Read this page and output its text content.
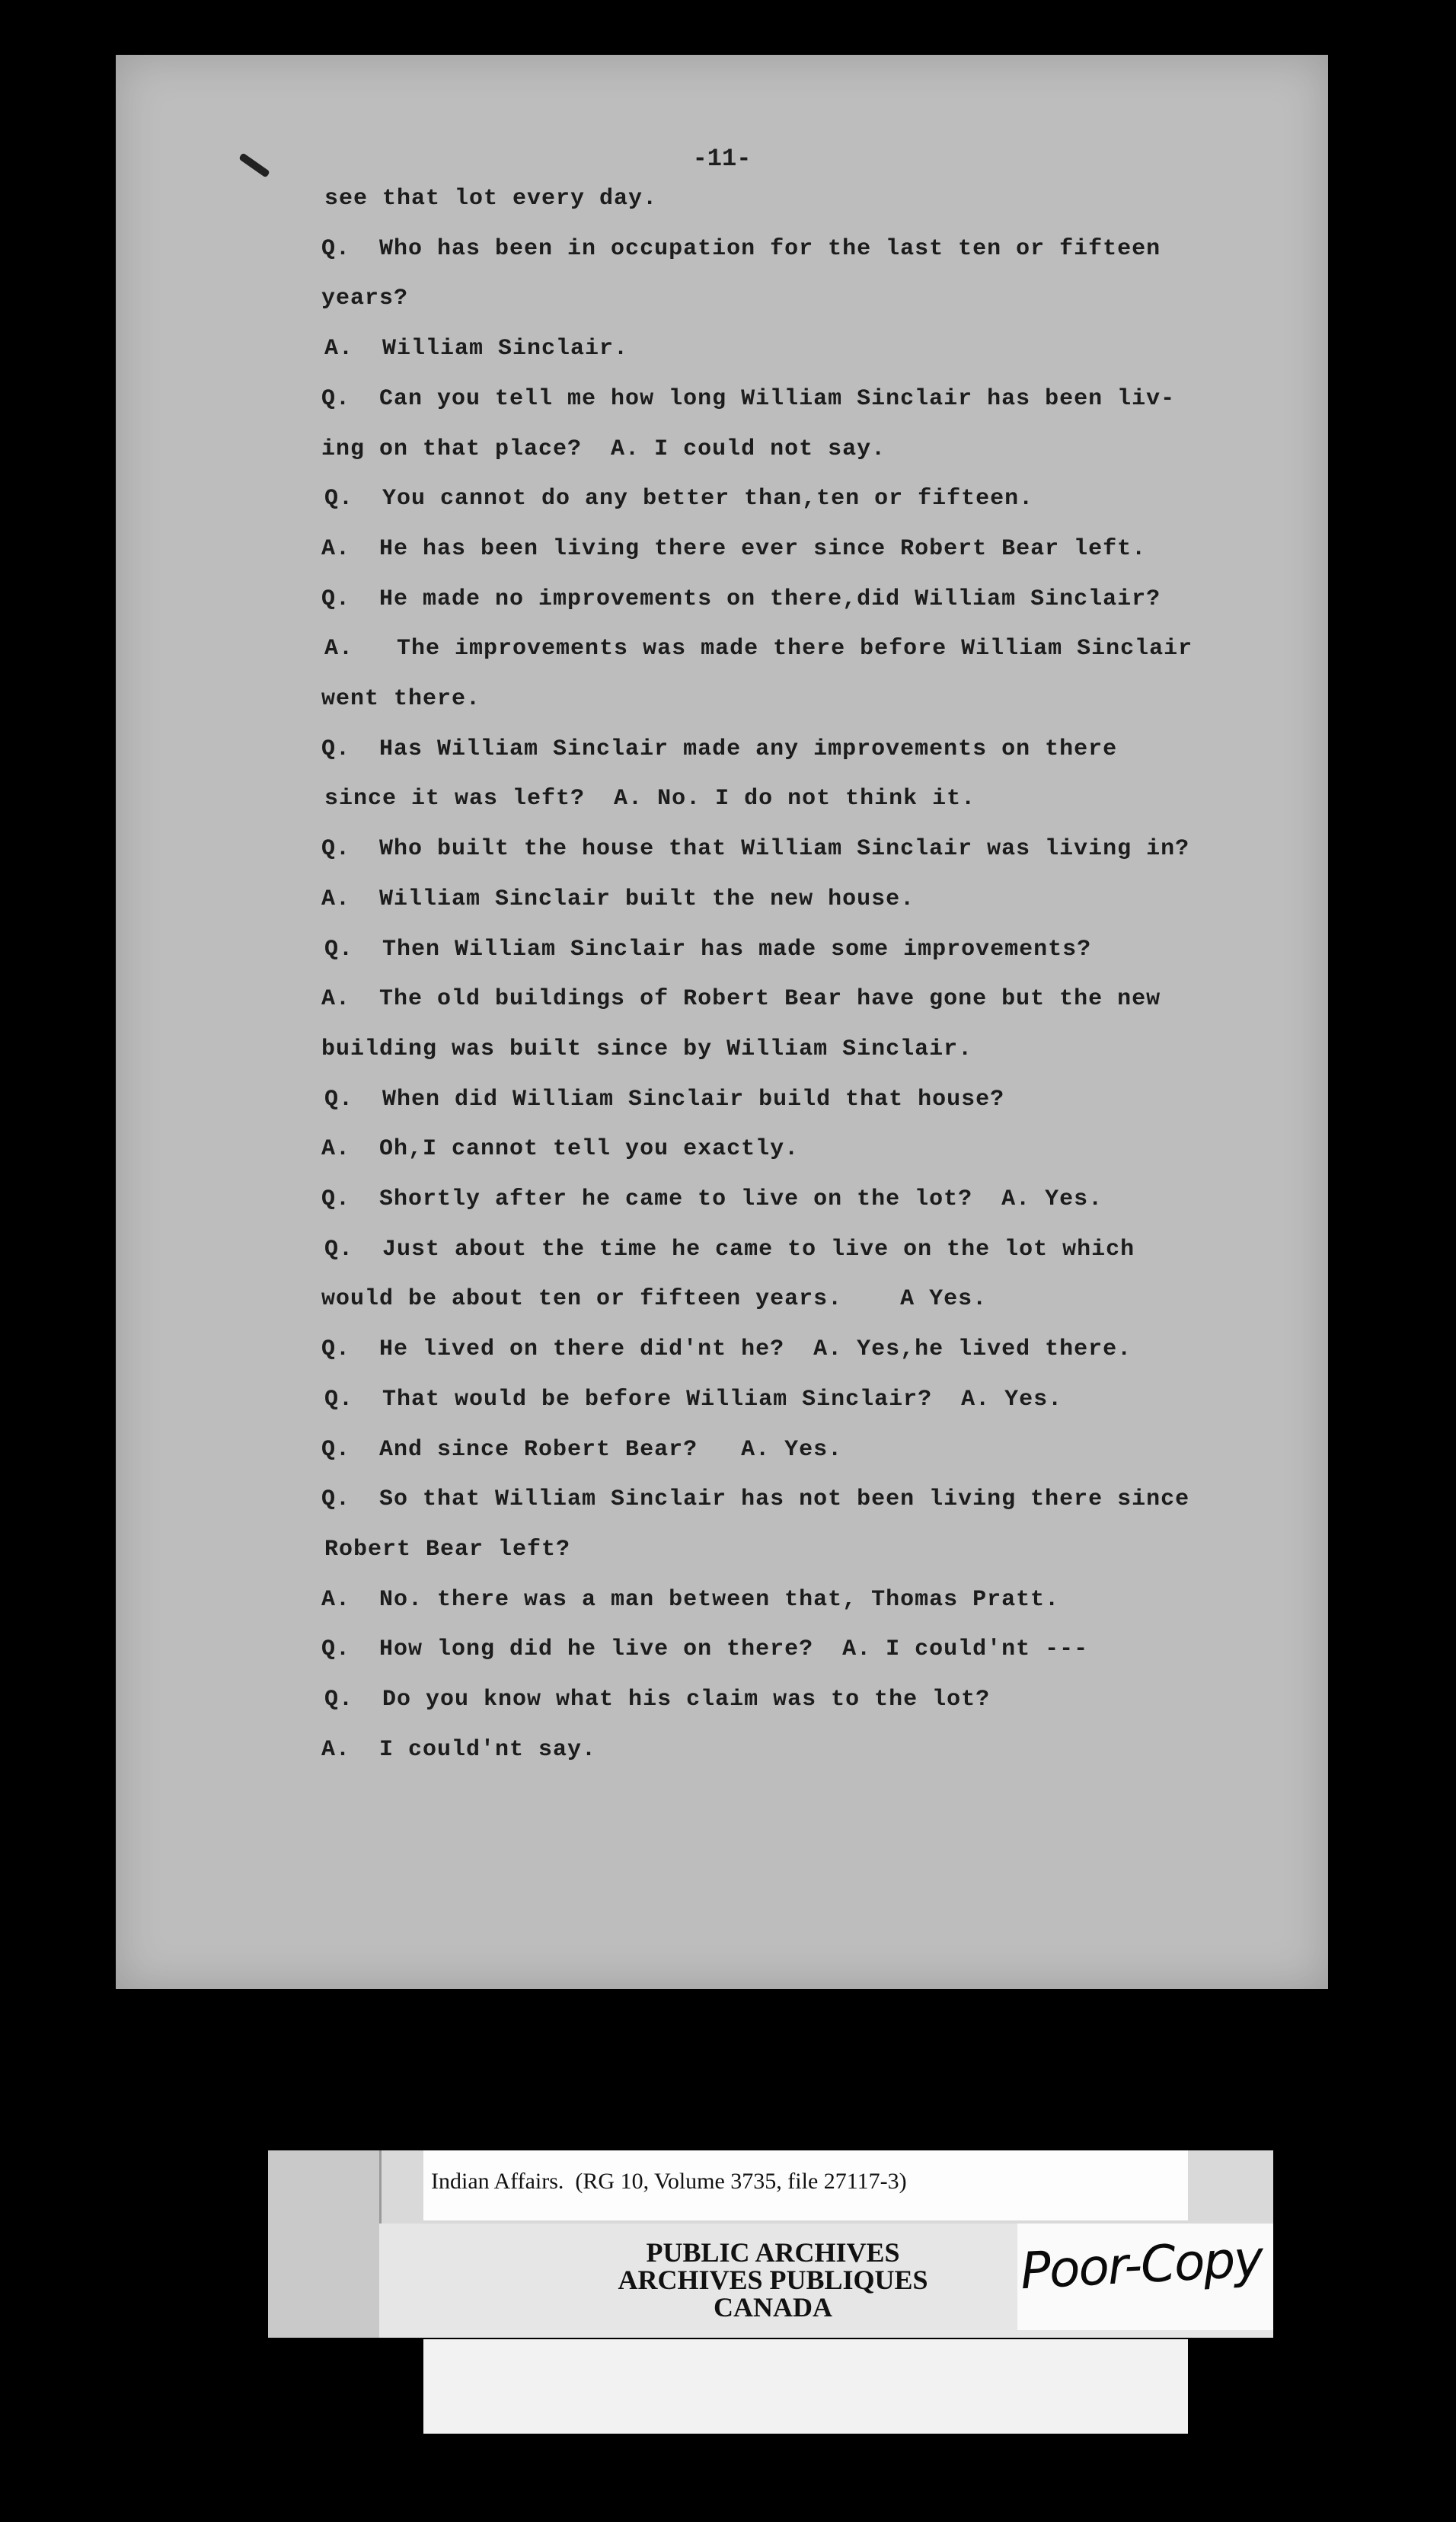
-11-
see that lot every day.
Q.  Who has been in occupation for the last ten or fifteen
years?
A.  William Sinclair.
Q.  Can you tell me how long William Sinclair has been liv-
ing on that place?  A. I could not say.
Q.  You cannot do any better than,ten or fifteen.
A.  He has been living there ever since Robert Bear left.
Q.  He made no improvements on there,did William Sinclair?
A.   The improvements was made there before William Sinclair
went there.
Q.  Has William Sinclair made any improvements on there
since it was left?  A. No. I do not think it.
Q.  Who built the house that William Sinclair was living in?
A.  William Sinclair built the new house.
Q.  Then William Sinclair has made some improvements?
A.  The old buildings of Robert Bear have gone but the new
building was built since by William Sinclair.
Q.  When did William Sinclair build that house?
A.  Oh,I cannot tell you exactly.
Q.  Shortly after he came to live on the lot?  A. Yes.
Q.  Just about the time he came to live on the lot which
would be about ten or fifteen years.    A Yes.
Q.  He lived on there did'nt he?  A. Yes,he lived there.
Q.  That would be before William Sinclair?  A. Yes.
Q.  And since Robert Bear?   A. Yes.
Q.  So that William Sinclair has not been living there since
Robert Bear left?
A.  No. there was a man between that, Thomas Pratt.
Q.  How long did he live on there?  A. I could'nt ---
Q.  Do you know what his claim was to the lot?
A.  I could'nt say.
Indian Affairs.  (RG 10, Volume 3735, file 27117-3)
PUBLIC ARCHIVES
ARCHIVES PUBLIQUES
CANADA
Poor-Copy
